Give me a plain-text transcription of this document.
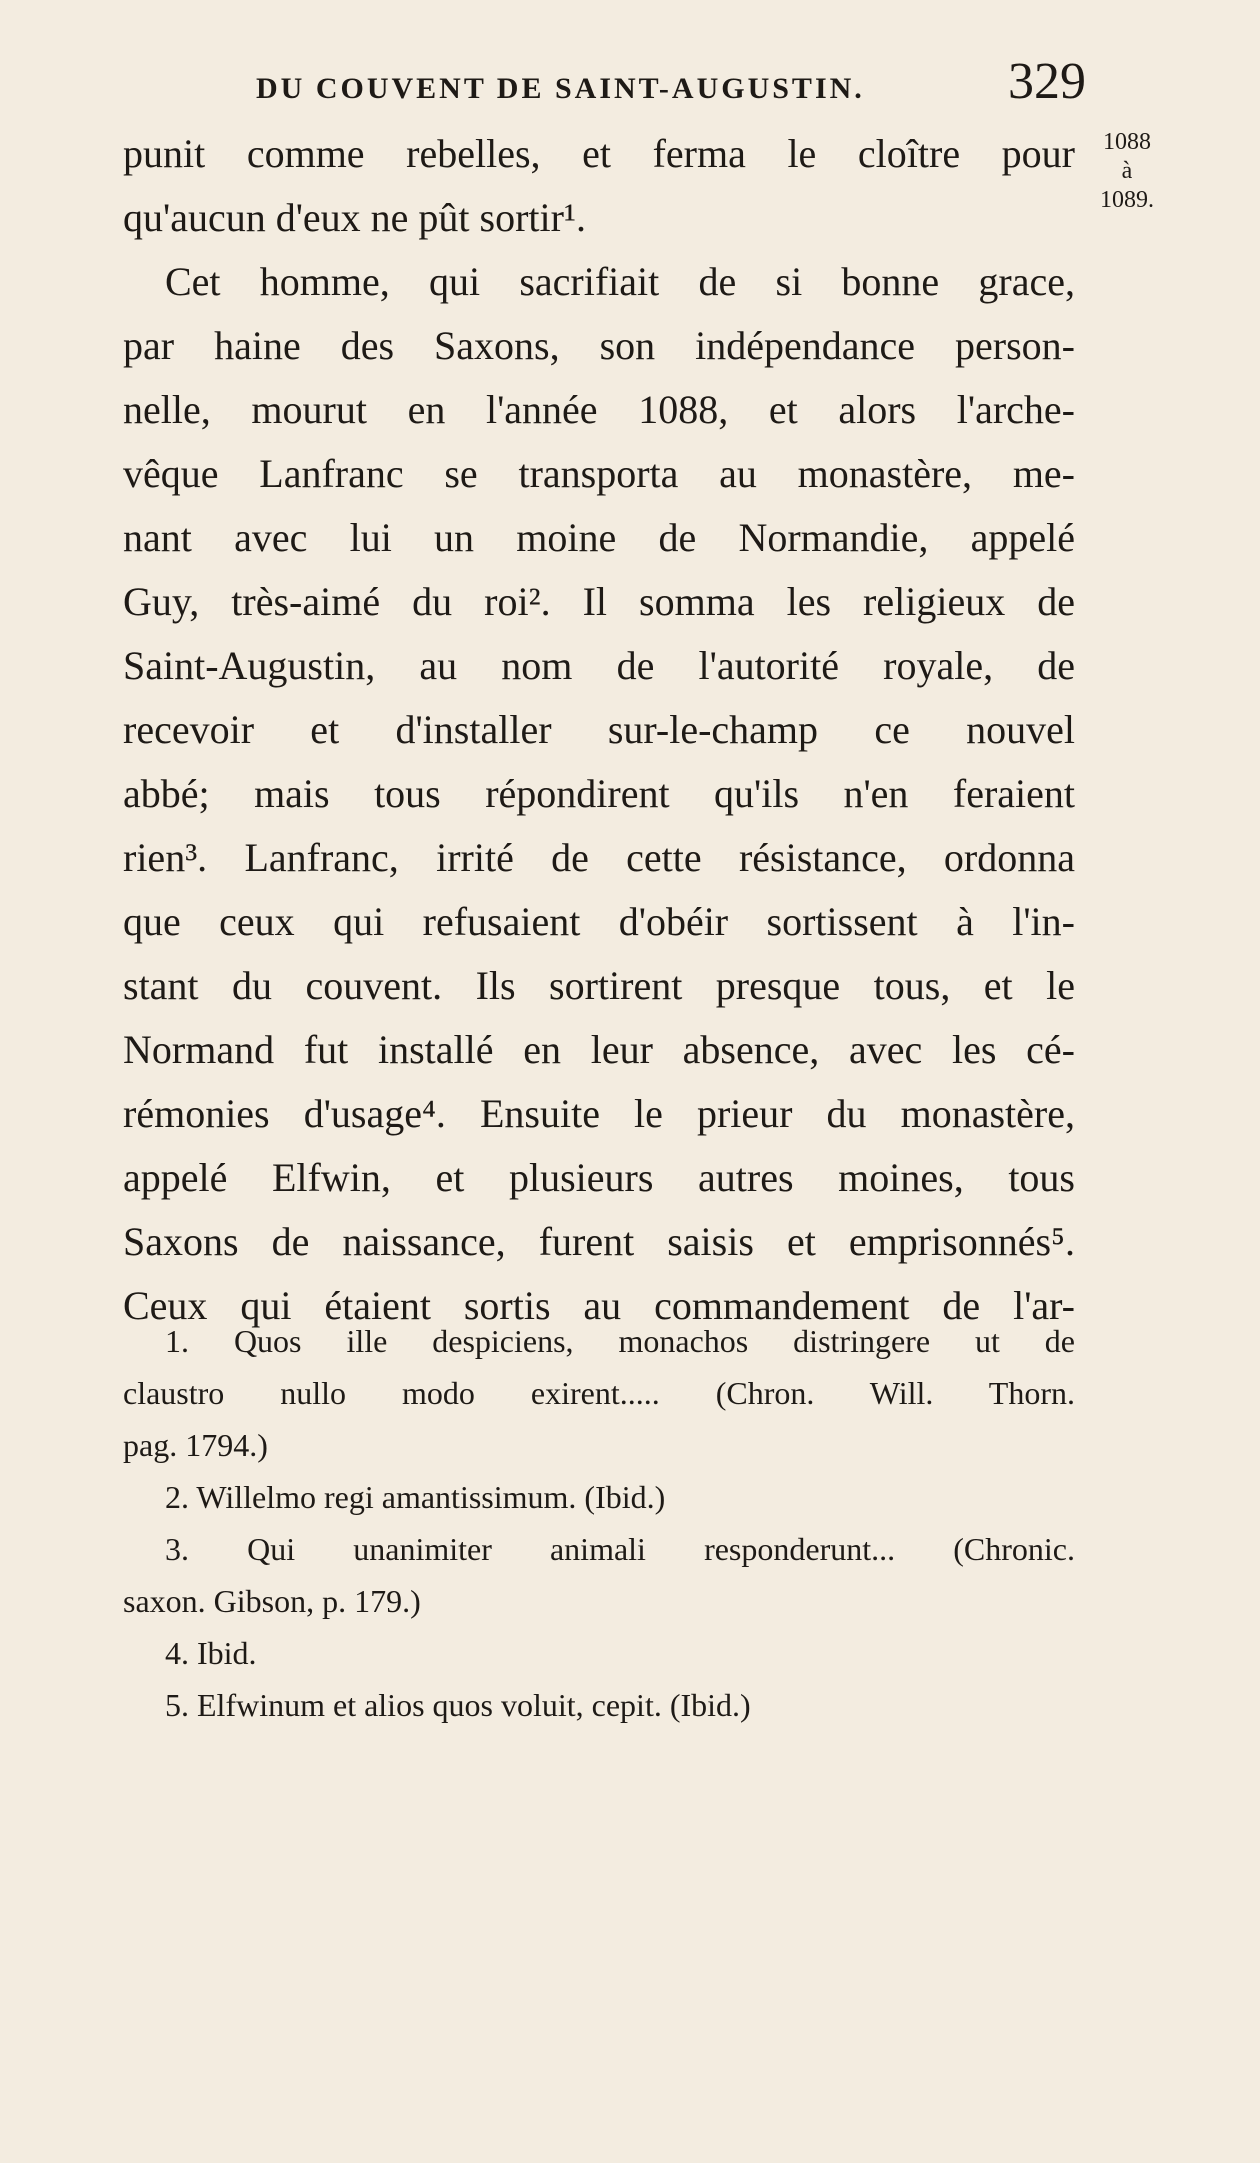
DU COUVENT DE SAINT-AUGUSTIN.	329
1088
à
1089.
punit comme rebelles, et ferma le cloître pour
qu'aucun d'eux ne pût sortir¹.
Cet homme, qui sacrifiait de si bonne grace,
par haine des Saxons, son indépendance person-
nelle, mourut en l'année 1088, et alors l'arche-
vêque Lanfranc se transporta au monastère, me-
nant avec lui un moine de Normandie, appelé
Guy, très-aimé du roi². Il somma les religieux de
Saint-Augustin, au nom de l'autorité royale, de
recevoir et d'installer sur-le-champ ce nouvel
abbé; mais tous répondirent qu'ils n'en feraient
rien³. Lanfranc, irrité de cette résistance, ordonna
que ceux qui refusaient d'obéir sortissent à l'in-
stant du couvent. Ils sortirent presque tous, et le
Normand fut installé en leur absence, avec les cé-
rémonies d'usage⁴. Ensuite le prieur du monastère,
appelé Elfwin, et plusieurs autres moines, tous
Saxons de naissance, furent saisis et emprisonnés⁵.
Ceux qui étaient sortis au commandement de l'ar-
1. Quos ille despiciens, monachos distringere ut de
claustro nullo modo exirent..... (Chron. Will. Thorn.
pag. 1794.)
2. Willelmo regi amantissimum. (Ibid.)
3. Qui unanimiter animali responderunt... (Chronic.
saxon. Gibson, p. 179.)
4. Ibid.
5. Elfwinum et alios quos voluit, cepit. (Ibid.)
